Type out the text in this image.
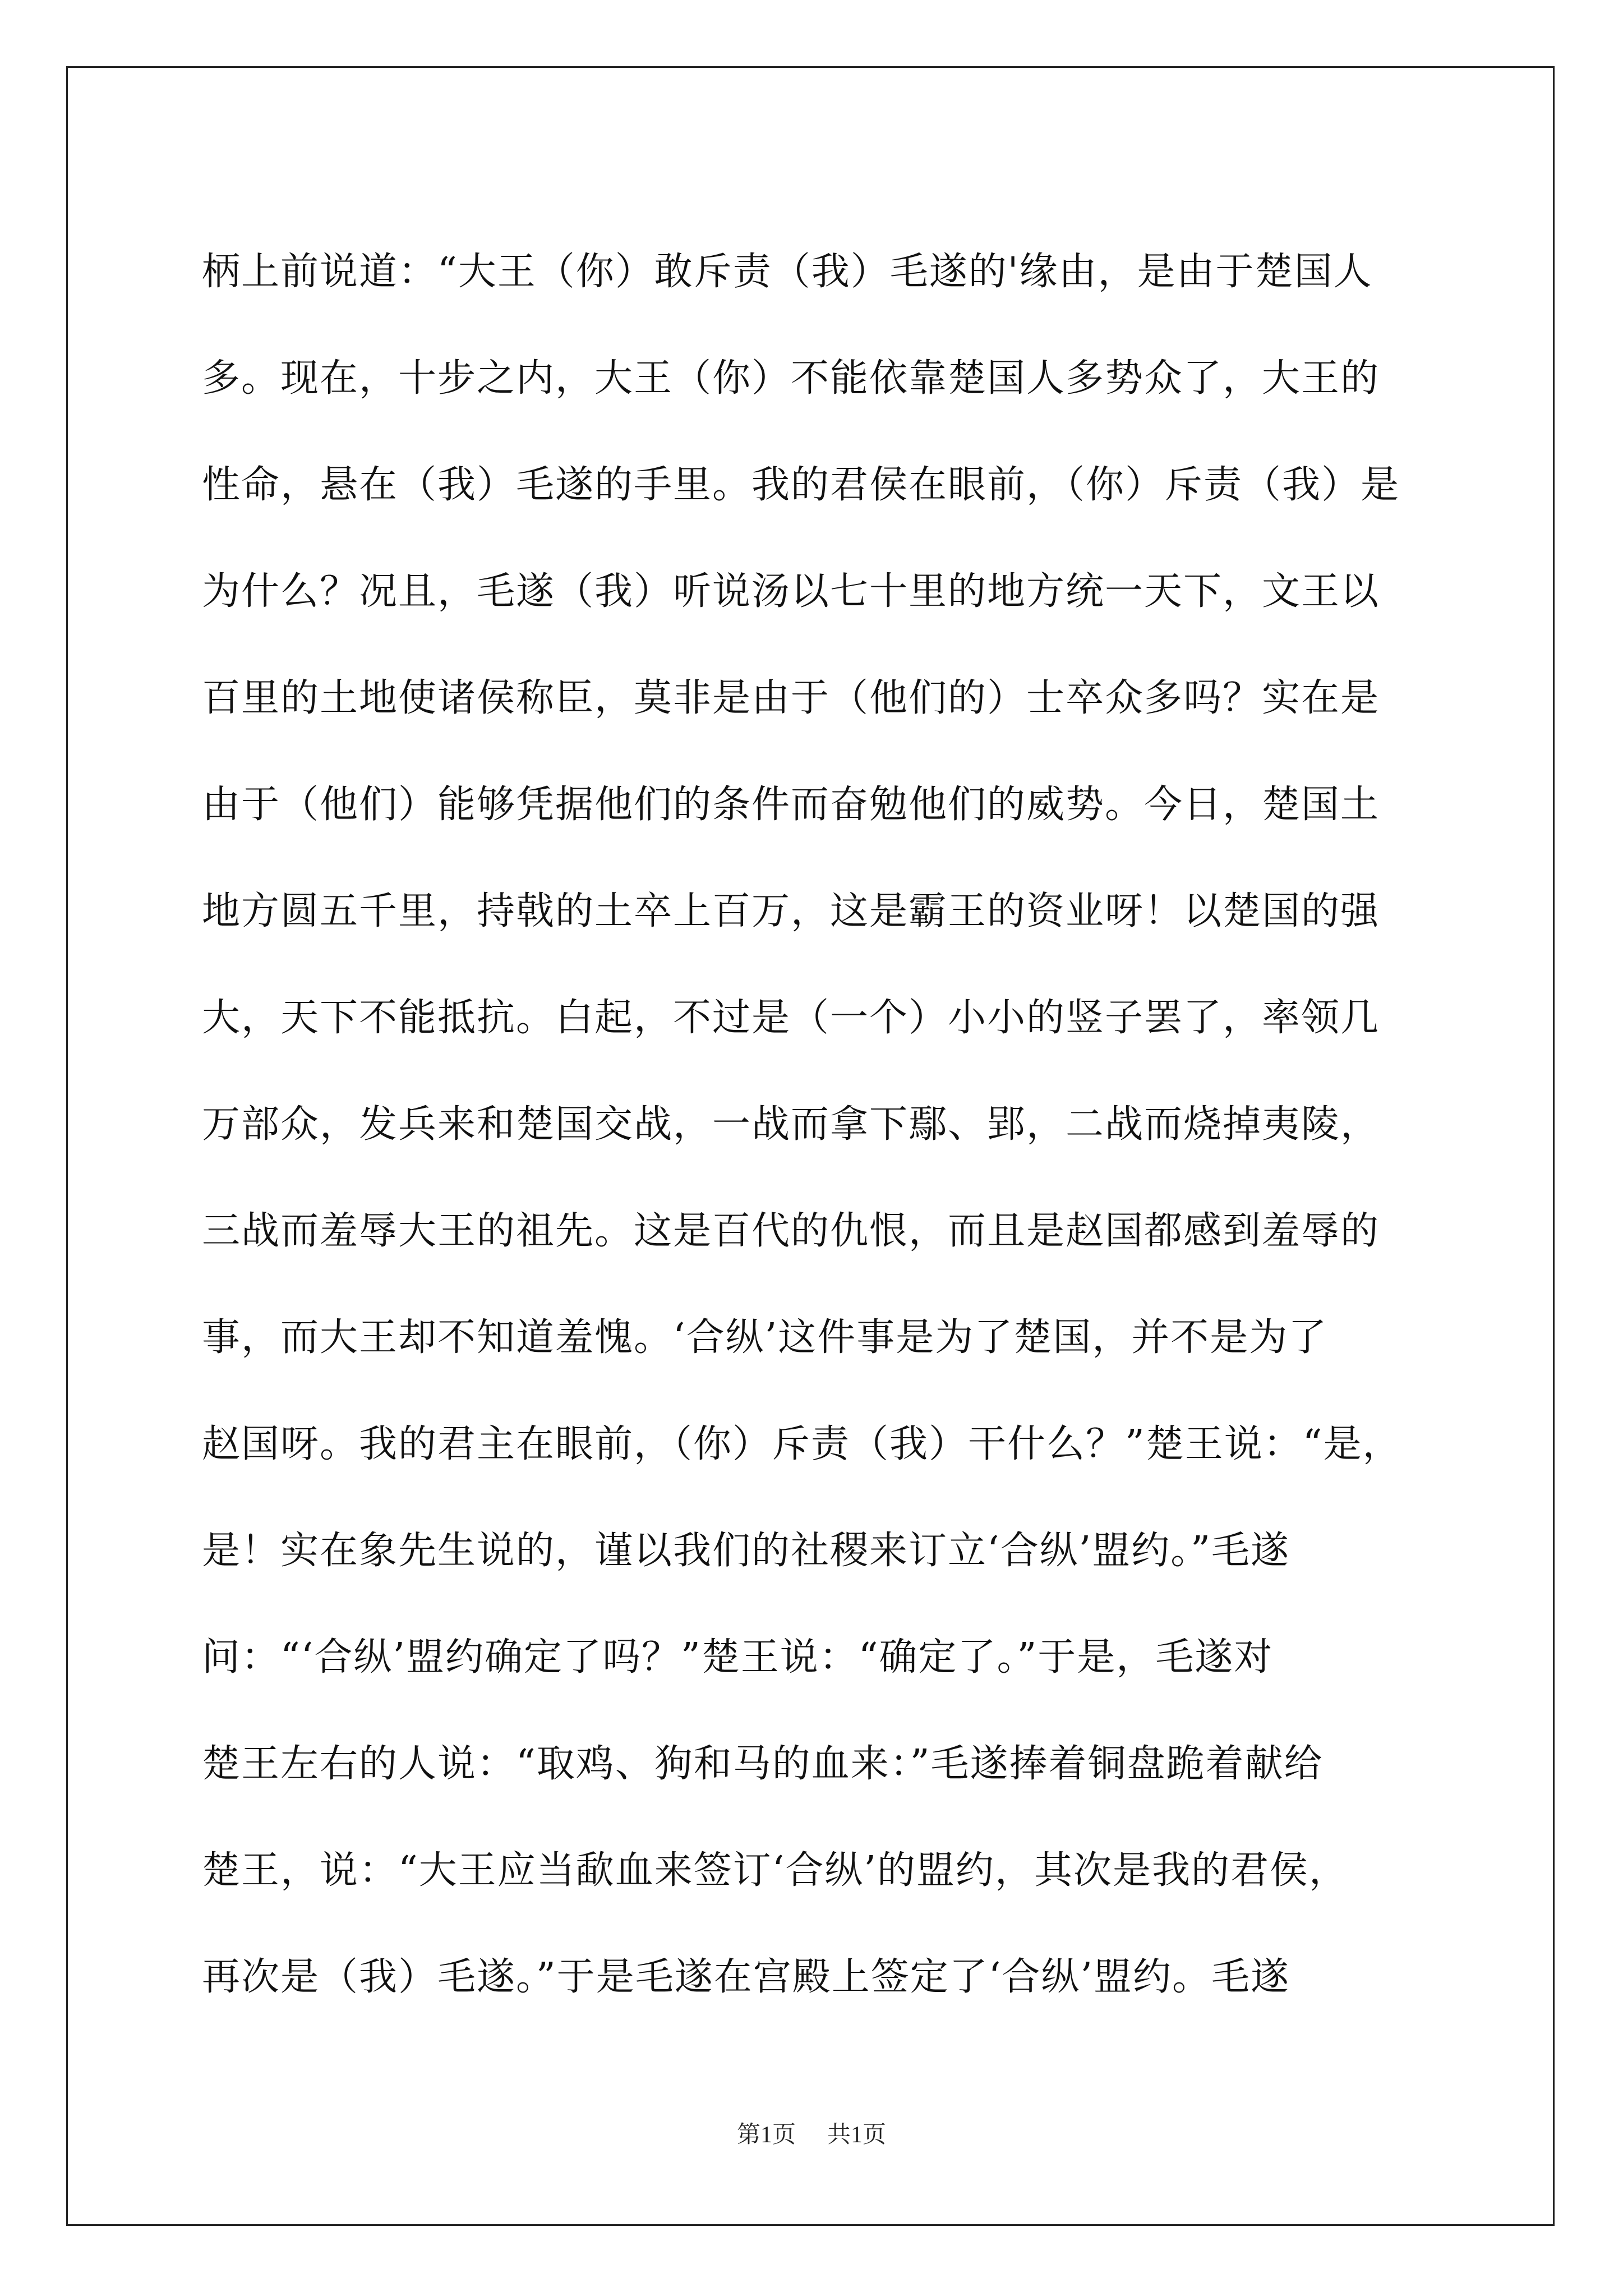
柄上前说道：“大王（你）敢斥责（我）毛遂的'缘由，是由于楚国人
多。现在，十步之内，大王（你）不能依靠楚国人多势众了，大王的
性命，悬在（我）毛遂的手里。我的君侯在眼前，（你）斥责（我）是
为什么？况且，毛遂（我）听说汤以七十里的地方统一天下，文王以
百里的土地使诸侯称臣，莫非是由于（他们的）士卒众多吗？实在是
由于（他们）能够凭据他们的条件而奋勉他们的威势。今日，楚国土
地方圆五千里，持戟的土卒上百万，这是霸王的资业呀！以楚国的强
大，天下不能抵抗。白起，不过是（一个）小小的竖子罢了，率领几
万部众，发兵来和楚国交战，一战而拿下鄢、郢，二战而烧掉夷陵，
三战而羞辱大王的祖先。这是百代的仇恨，而且是赵国都感到羞辱的
事，而大王却不知道羞愧。‘合纵’这件事是为了楚国，并不是为了
赵国呀。我的君主在眼前，（你）斥责（我）干什么？”楚王说：“是，
是！实在象先生说的，谨以我们的社稷来订立‘合纵’盟约。”毛遂
问：“‘合纵’盟约确定了吗？”楚王说：“确定了。”于是，毛遂对
楚王左右的人说：“取鸡、狗和马的血来：”毛遂捧着铜盘跪着献给
楚王，说：“大王应当歃血来签订‘合纵’的盟约，其次是我的君侯，
再次是（我）毛遂。”于是毛遂在宫殿上签定了‘合纵’盟约。毛遂
第1页 共1页
